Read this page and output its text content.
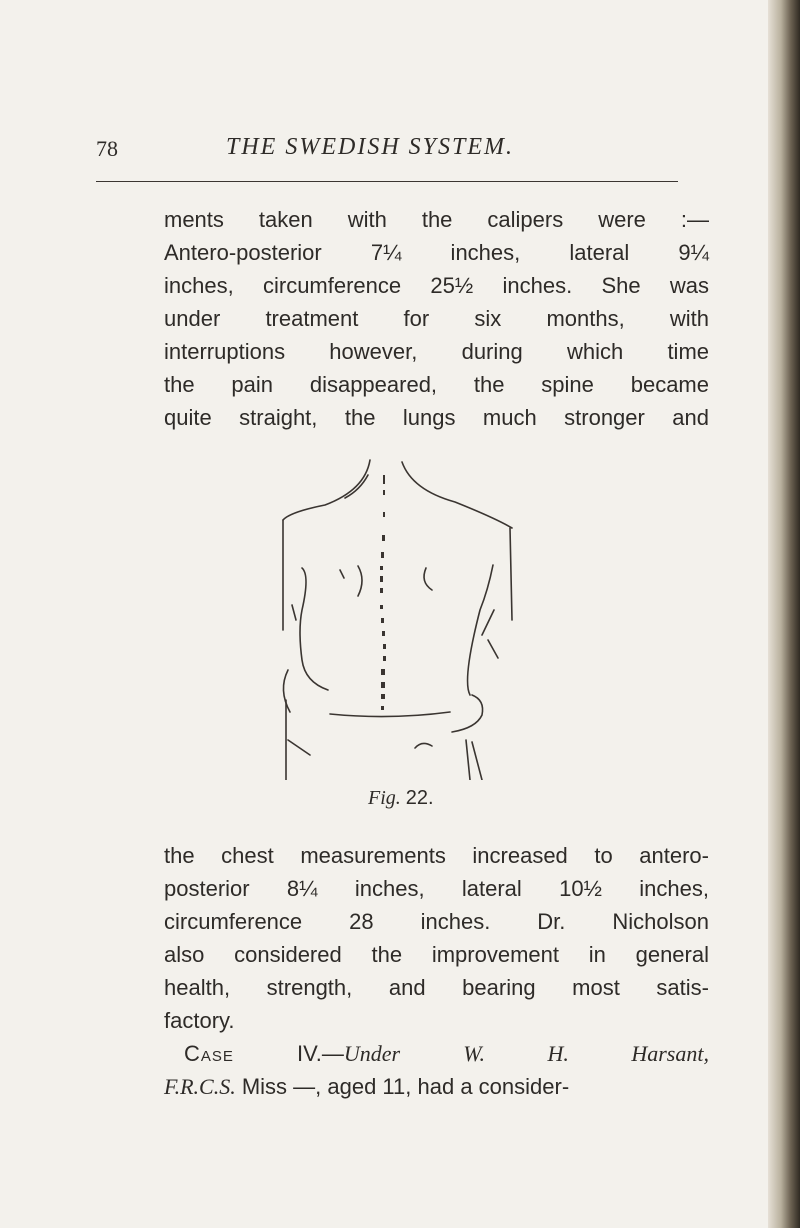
78	THE SWEDISH SYSTEM.

ments taken with the calipers were :—
Antero-posterior 7¼ inches, lateral 9¼
inches, circumference 25½ inches. She was
under treatment for six months, with
interruptions however, during which time
the pain disappeared, the spine became
quite straight, the lungs much stronger and

Fig. 22.

the chest measurements increased to antero-
posterior 8¼ inches, lateral 10½ inches,
circumference 28 inches. Dr. Nicholson
also considered the improvement in general
health, strength, and bearing most satis-
factory.

Case	IV.—Under	W. H. Harsant,
F.R.C.S. Miss —, aged 11, had a consider-
